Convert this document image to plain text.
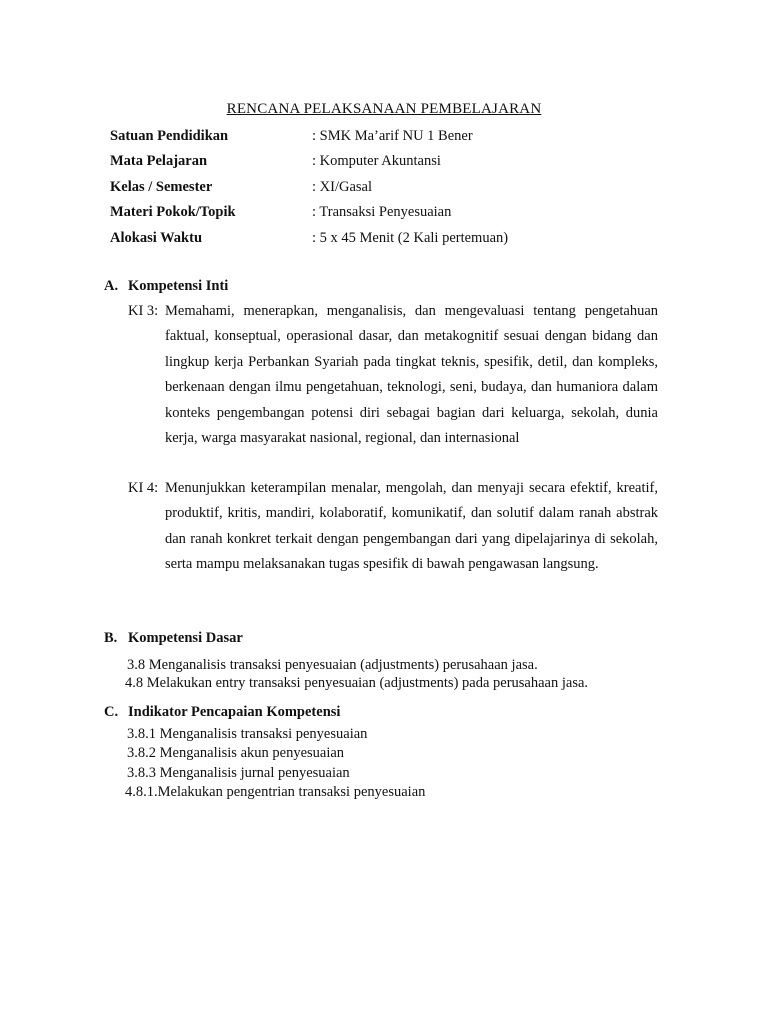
RENCANA PELAKSANAAN PEMBELAJARAN
Satuan Pendidikan	: SMK Ma’arif NU 1 Bener
Mata Pelajaran	: Komputer Akuntansi
Kelas / Semester	: XI/Gasal
Materi Pokok/Topik	: Transaksi Penyesuaian
Alokasi Waktu	: 5 x 45 Menit (2 Kali pertemuan)
A. Kompetensi Inti
KI 3: Memahami, menerapkan, menganalisis, dan mengevaluasi tentang pengetahuan faktual, konseptual, operasional dasar, dan metakognitif sesuai dengan bidang dan lingkup kerja Perbankan Syariah pada tingkat teknis, spesifik, detil, dan kompleks, berkenaan dengan ilmu pengetahuan, teknologi, seni, budaya, dan humaniora dalam konteks pengembangan potensi diri sebagai bagian dari keluarga, sekolah, dunia kerja, warga masyarakat nasional, regional, dan internasional
KI 4: Menunjukkan keterampilan menalar, mengolah, dan menyaji secara efektif, kreatif, produktif, kritis, mandiri, kolaboratif, komunikatif, dan solutif dalam ranah abstrak dan ranah konkret terkait dengan pengembangan dari yang dipelajarinya di sekolah, serta mampu melaksanakan tugas spesifik di bawah pengawasan langsung.
B. Kompetensi Dasar
3.8 Menganalisis transaksi penyesuaian (adjustments) perusahaan jasa.
4.8 Melakukan entry transaksi penyesuaian (adjustments) pada perusahaan jasa.
C. Indikator Pencapaian Kompetensi
3.8.1 Menganalisis transaksi penyesuaian
3.8.2 Menganalisis akun penyesuaian
3.8.3 Menganalisis jurnal penyesuaian
4.8.1.Melakukan pengentrian transaksi penyesuaian
